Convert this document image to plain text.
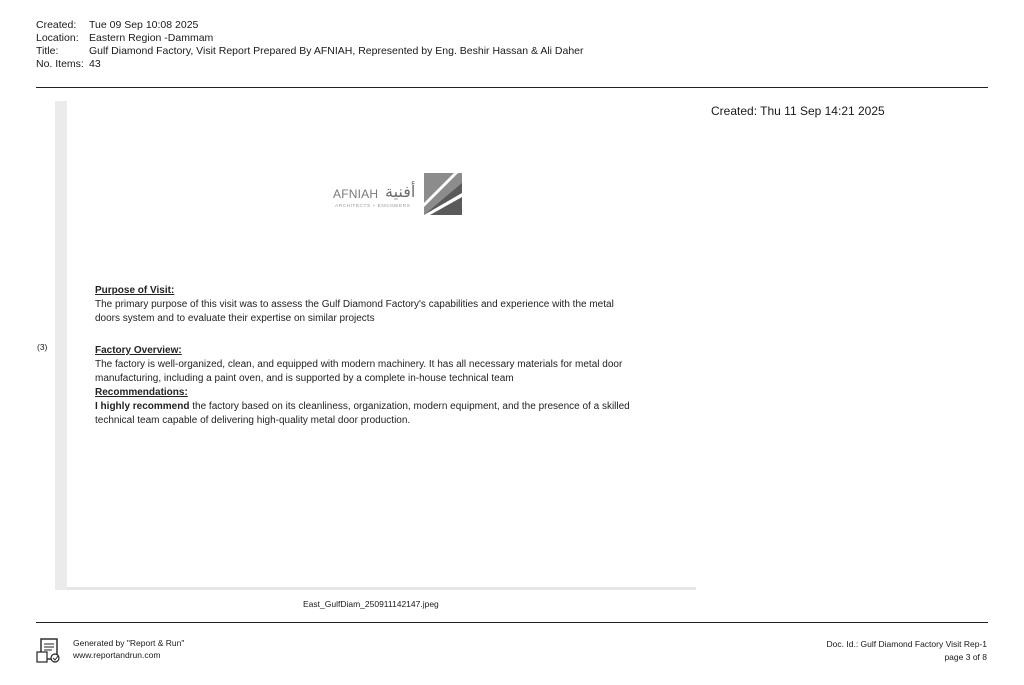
Created:	Tue 09 Sep 10:08 2025
Location: Eastern Region -Dammam
Title:	Gulf Diamond Factory, Visit Report Prepared By AFNIAH, Represented by Eng. Beshir Hassan & Ali Daher
No. Items: 43
(3)
Created: Thu 11 Sep 14:21 2025
AFNIAH أفنية
ARCHITECTS + ENGINEERS

Purpose of Visit:

The primary purpose of this visit was to assess the Gulf Diamond Factory's capabilities and experience with the metal doors system and to evaluate their expertise on similar projects

Factory Overview:

The factory is well-organized, clean, and equipped with modern machinery. It has all necessary materials for metal door manufacturing, including a paint oven, and is supported by a complete in-house technical team

Recommendations:

I highly recommend the factory based on its cleanliness, organization, modern equipment, and the presence of a skilled technical team capable of delivering high-quality metal door production.

East_GulfDiam_250911142147.jpeg
Generated by "Report & Run"
www.reportandrun.com
Doc. Id.: Gulf Diamond Factory Visit Rep-1
page 3 of 8
